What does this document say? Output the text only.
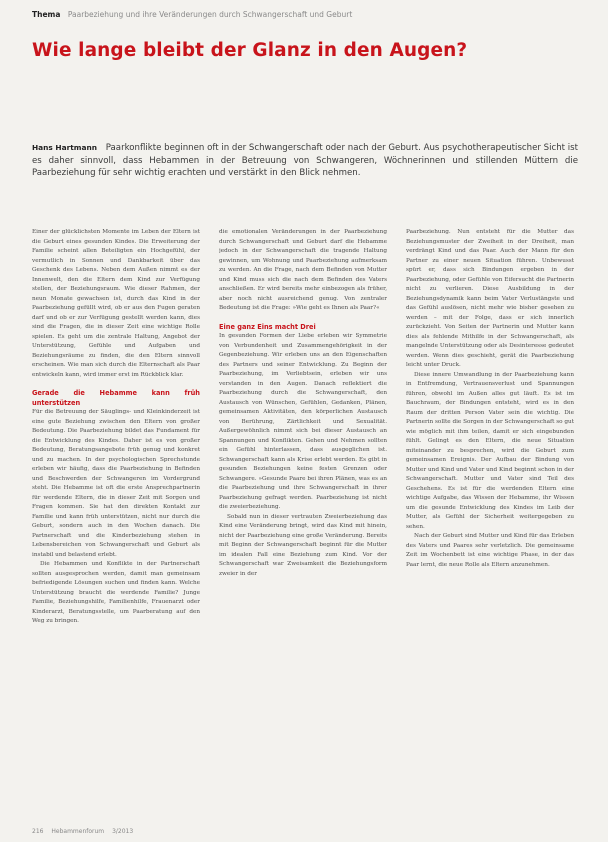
Thema Paarbeziehung und ihre Veränderungen durch Schwangerschaft und Geburt
Wie lange bleibt der Glanz in den Augen?
Hans Hartmann Paarkonflikte beginnen oft in der Schwangerschaft oder nach der Geburt. Aus psychotherapeutischer Sicht ist es daher sinnvoll, dass Hebammen in der Betreuung von Schwangeren, Wöchnerinnen und stillenden Müttern die Paarbeziehung für sehr wichtig erachten und verstärkt in den Blick nehmen.

Einer der glücklichsten Momente im Leben der Eltern ist die Geburt eines gesunden Kindes. Die Erweiterung der Familie scheint allen Beteiligten ein Hochgefühl, der vermutlich in Sonnen und Dankbarkeit über das Geschenk des Lebens. Neben dem Außen nimmt es der Innenwelt, den die Eltern dem Kind zur Verfügung stellen, der Beziehungsraum. Wie dieser Rahmen, der neun Monate gewachsen ist, durch das Kind in der Paarbeziehung gefüllt wird, ob er aus den Fugen geraten darf und ob er zur Verfügung gestellt werden kann, dies sind die Fragen, die in dieser Zeit eine wichtige Rolle spielen. Es geht um die zentrale Haltung, Angebot der Unterstützung, Gefühle und Aufgaben und Beziehungsräume zu finden, die den Eltern sinnvoll erscheinen. Wie man sich durch die Elternschaft als Paar entwickeln kann, wird immer erst im Rückblick klar.

Gerade die Hebamme kann früh unterstützen

Für die Betreuung der Säuglings- und Kleinkinderzeit ist eine gute Beziehung zwischen den Eltern von großer Bedeutung. Die Paarbeziehung bildet das Fundament für die Entwicklung des Kindes. Daher ist es von großer Bedeutung, Beratungsangebote früh genug und konkret und zu machen. In der psychologischen Sprechstunde erleben wir häufig, dass die Paarbeziehung in Befinden und Beschwerden der Schwangeren im Vordergrund steht. Die Hebamme ist oft die erste Ansprechpartnerin für werdende Eltern, die in dieser Zeit mit Sorgen und Fragen kommen. Sie hat den direkten Kontakt zur Familie und kann früh unterstützen, nicht nur durch die Geburt, sondern auch in den Wochen danach. Die Partnerschaft und die Kinderbeziehung stehen in Lebensbereichen von Schwangerschaft und Geburt als instabil und belastend erlebt.

Die Hebammen und Konflikte in der Partnerschaft sollten ausgesprochen werden, damit man gemeinsam befriedigende Lösungen suchen und finden kann. Welche Unterstützung braucht die werdende Familie? Junge Familie, Beziehungshilfe, Familienhilfe, Frauenarzt oder Kinderarzt, Beratungsstelle, um Paarberatung auf den Weg zu bringen.

die emotionalen Veränderungen in der Paarbeziehung durch Schwangerschaft und Geburt darf die Hebamme jedoch in der Schwangerschaft die tragende Haltung gewinnen, um Wohnung und Paarbeziehung aufmerksam zu werden. An die Frage, nach dem Befinden von Mutter und Kind muss sich die nach dem Befinden des Vaters anschließen. Er wird bereits mehr einbezogen als früher, aber noch nicht ausreichend genug. Von zentraler Bedeutung ist die Frage: »Wie geht es Ihnen als Paar?«

Eine ganz Eins macht Drei

In gesunden Formen der Liebe erleben wir Symmetrie von Verbundenheit und Zusammengehörigkeit in der Gegenbeziehung. Wir erleben uns an den Eigenschaften des Partners und seiner Entwicklung. Zu Beginn der Paarbeziehung, im Verliebtsein, erleben wir uns verstanden in den Augen. Danach reflektiert die Paarbeziehung durch die Schwangerschaft, den Austausch von Wünschen, Gefühlen, Gedanken, Plänen, gemeinsamen Aktivitäten, den körperlichen Austausch von Berührung, Zärtlichkeit und Sexualität. Außergewöhnlich nimmt sich bei dieser Austausch an Spannungen und Konflikten. Gehen und Nehmen sollten ein Gefühl hinterlassen, dass ausgeglichen ist. Schwangerschaft kann als Krise erlebt werden. Es gibt in gesunden Beziehungen keine festen Grenzen oder Schwangere. »Gesunde Paare bei ihren Plänen, was es an die Paarbeziehung und ihre Schwangerschaft in ihrer Paarbeziehung gefragt werden. Paarbeziehung ist nicht die zweierbeziehung.

Sobald nun in dieser vertrauten Zweierbeziehung das Kind eine Veränderung bringt, wird das Kind mit hinein, nicht der Paarbeziehung eine große Veränderung. Bereits mit Beginn der Schwangerschaft beginnt für die Mutter im idealen Fall eine Beziehung zum Kind. Vor der Schwangerschaft war Zweisamkeit die Beziehungsform zweier in der

Paarbeziehung. Nun entsteht für die Mutter das Beziehungsmuster der Zweiheit in der Dreiheit, man verdrängt Kind und das Paar. Auch der Mann für den Partner zu einer neuen Situation führen. Unbewusst spürt er, dass sich Bindungen ergeben in der Paarbeziehung, oder Gefühle von Eifersucht die Partnerin nicht zu verlieren. Diese Ausbildung in der Beziehungsdynamik kann beim Vater Verlustängste und das Gefühl auslösen, nicht mehr wie bisher gesehen zu werden – mit der Folge, dass er sich innerlich zurückzieht. Von Seiten der Partnerin und Mutter kann dies als fehlende Mithilfe in der Schwangerschaft, als mangelnde Unterstützung oder als Desinteresse gedeutet werden. Wenn dies geschieht, gerät die Paarbeziehung leicht unter Druck.

Diese innere Umwandlung in der Paarbeziehung kann in Entfremdung, Vertrauensverlust und Spannungen führen, obwohl im Außen alles gut läuft. Es ist im Bauchraum, der Bindungen entsteht, wird es in den Raum der dritten Person Vater sein die wichtig. Die Partnerin sollte die Sorgen in der Schwangerschaft so gut wie möglich mit ihm teilen, damit er sich eingebunden fühlt. Gelingt es den Eltern, die neue Situation miteinander zu besprechen, wird die Geburt zum gemeinsamen Ereignis. Der Aufbau der Bindung von Mutter und Kind und Vater und Kind beginnt schon in der Schwangerschaft. Mutter und Vater sind Teil des Geschehens. Es ist für die werdenden Eltern eine wichtige Aufgabe, das Wissen der Hebamme, ihr Wissen um die gesunde Entwicklung des Kindes im Leib der Mutter, als Gefühl der Sicherheit weitergegeben zu sehen.

Nach der Geburt sind Mutter und Kind für das Erleben des Vaters und Paares sehr verletzlich. Die gemeinsame Zeit im Wochenbett ist eine wichtige Phase, in der das Paar lernt, die neue Rolle als Eltern anzunehmen.

216 Hebammenforum 3/2013
